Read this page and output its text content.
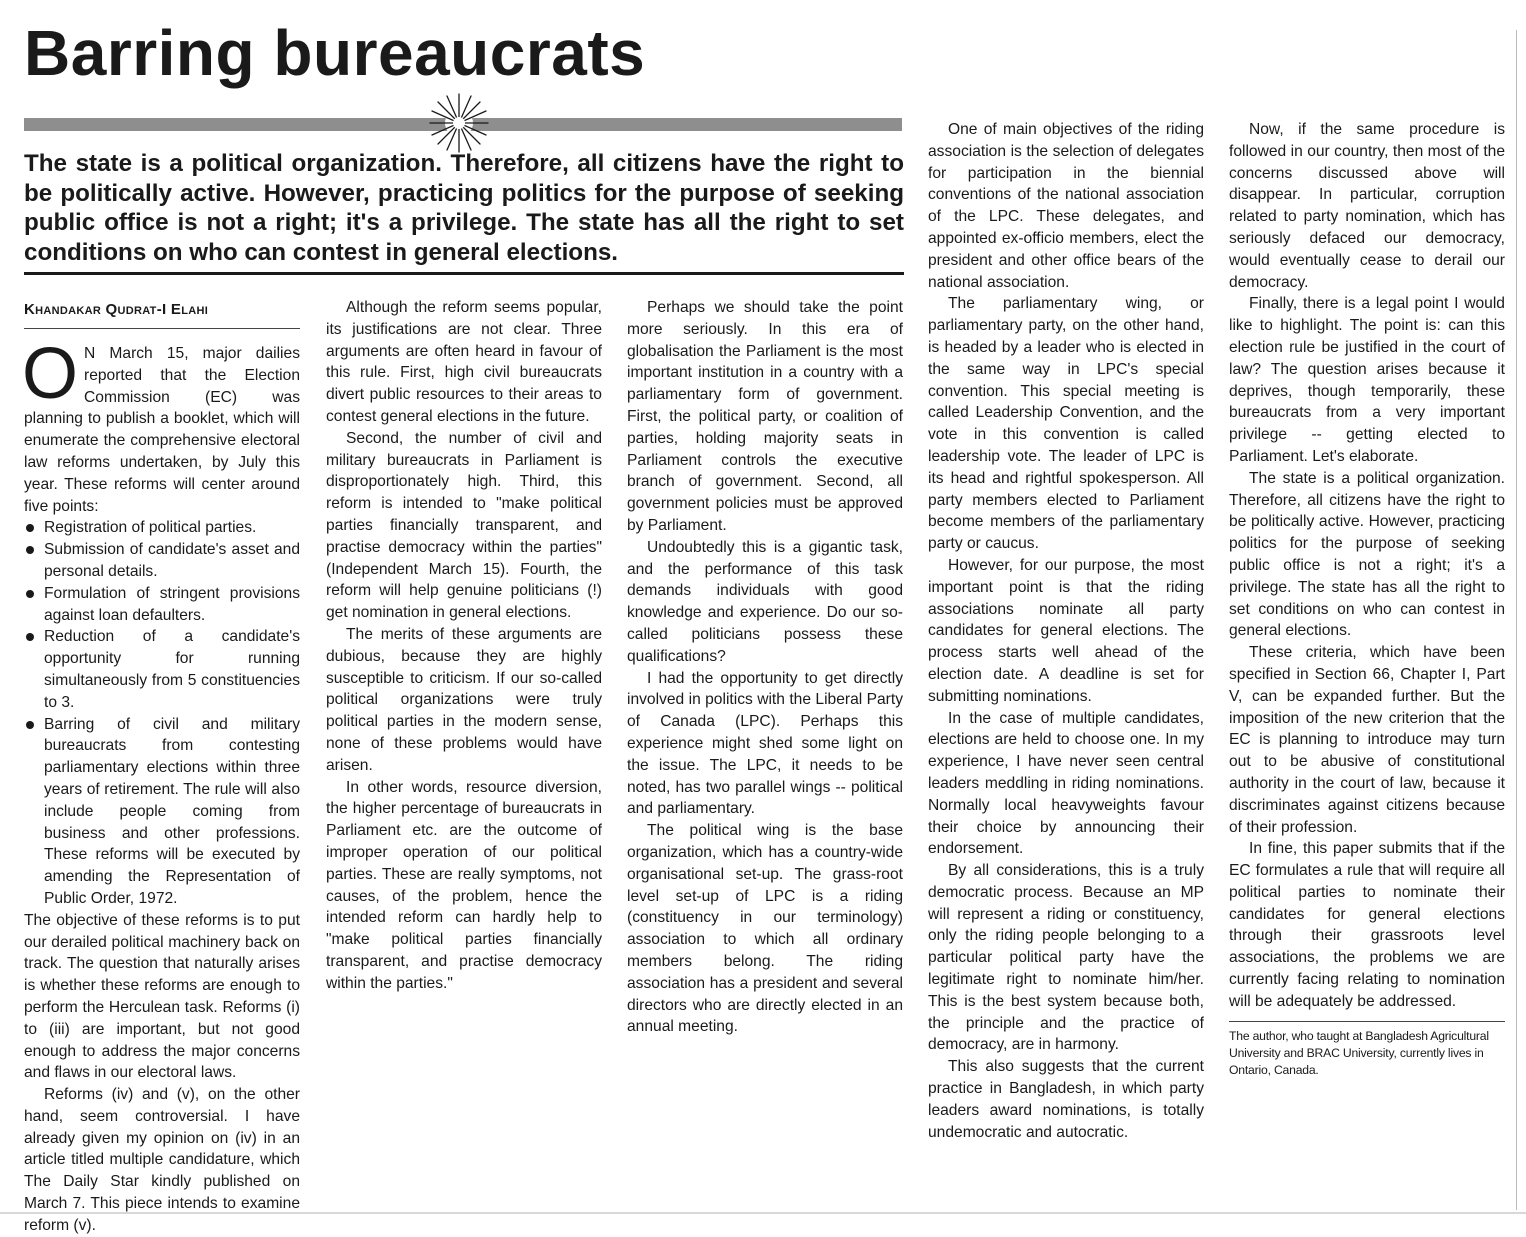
Barring bureaucrats

The state is a political organization. Therefore, all citizens have the right to be politically active. However, practicing politics for the purpose of seeking public office is not a right; it's a privilege. The state has all the right to set conditions on who can contest in general elections.

Khandakar Qudrat-I Elahi

O N March 15, major dailies reported that the Election Commission (EC) was planning to publish a booklet, which will enumerate the comprehensive electoral law reforms undertaken, by July this year. These reforms will center around five points:

Registration of political parties.
Submission of candidate's asset and personal details.
Formulation of stringent provisions against loan defaulters.
Reduction of a candidate's opportunity for running simultaneously from 5 constituencies to 3.
Barring of civil and military bureaucrats from contesting parliamentary elections within three years of retirement. The rule will also include people coming from business and other professions. These reforms will be executed by amending the Representation of Public Order, 1972.

The objective of these reforms is to put our derailed political machinery back on track. The question that naturally arises is whether these reforms are enough to perform the Herculean task. Reforms (i) to (iii) are important, but not good enough to address the major concerns and flaws in our electoral laws.

Reforms (iv) and (v), on the other hand, seem controversial. I have already given my opinion on (iv) in an article titled multiple candidature, which The Daily Star kindly published on March 7. This piece intends to examine reform (v).

Although the reform seems popular, its justifications are not clear. Three arguments are often heard in favour of this rule. First, high civil bureaucrats divert public resources to their areas to contest general elections in the future.

Second, the number of civil and military bureaucrats in Parliament is disproportionately high. Third, this reform is intended to "make political parties financially transparent, and practise democracy within the parties" (Independent March 15). Fourth, the reform will help genuine politicians (!) get nomination in general elections.

The merits of these arguments are dubious, because they are highly susceptible to criticism. If our so-called political organizations were truly political parties in the modern sense, none of these problems would have arisen.

In other words, resource diversion, the higher percentage of bureaucrats in Parliament etc. are the outcome of improper operation of our political parties. These are really symptoms, not causes, of the problem, hence the intended reform can hardly help to "make political parties financially transparent, and practise democracy within the parties."

Perhaps we should take the point more seriously. In this era of globalisation the Parliament is the most important institution in a country with a parliamentary form of government. First, the political party, or coalition of parties, holding majority seats in Parliament controls the executive branch of government. Second, all government policies must be approved by Parliament.

Undoubtedly this is a gigantic task, and the performance of this task demands individuals with good knowledge and experience. Do our so-called politicians possess these qualifications?

I had the opportunity to get directly involved in politics with the Liberal Party of Canada (LPC). Perhaps this experience might shed some light on the issue. The LPC, it needs to be noted, has two parallel wings -- political and parliamentary.

The political wing is the base organization, which has a country-wide organisational set-up. The grass-root level set-up of LPC is a riding (constituency in our terminology) association to which all ordinary members belong. The riding association has a president and several directors who are directly elected in an annual meeting.

One of main objectives of the riding association is the selection of delegates for participation in the biennial conventions of the national association of the LPC. These delegates, and appointed ex-officio members, elect the president and other office bears of the national association.

The parliamentary wing, or parliamentary party, on the other hand, is headed by a leader who is elected in the same way in LPC's special convention. This special meeting is called Leadership Convention, and the vote in this convention is called leadership vote. The leader of LPC is its head and rightful spokesperson. All party members elected to Parliament become members of the parliamentary party or caucus.

However, for our purpose, the most important point is that the riding associations nominate all party candidates for general elections. The process starts well ahead of the election date. A deadline is set for submitting nominations.

In the case of multiple candidates, elections are held to choose one. In my experience, I have never seen central leaders meddling in riding nominations. Normally local heavyweights favour their choice by announcing their endorsement.

By all considerations, this is a truly democratic process. Because an MP will represent a riding or constituency, only the riding people belonging to a particular political party have the legitimate right to nominate him/her. This is the best system because both, the principle and the practice of democracy, are in harmony.

This also suggests that the current practice in Bangladesh, in which party leaders award nominations, is totally undemocratic and autocratic.

Now, if the same procedure is followed in our country, then most of the concerns discussed above will disappear. In particular, corruption related to party nomination, which has seriously defaced our democracy, would eventually cease to derail our democracy.

Finally, there is a legal point I would like to highlight. The point is: can this election rule be justified in the court of law? The question arises because it deprives, though temporarily, these bureaucrats from a very important privilege -- getting elected to Parliament. Let's elaborate.

The state is a political organization. Therefore, all citizens have the right to be politically active. However, practicing politics for the purpose of seeking public office is not a right; it's a privilege. The state has all the right to set conditions on who can contest in general elections.

These criteria, which have been specified in Section 66, Chapter I, Part V, can be expanded further. But the imposition of the new criterion that the EC is planning to introduce may turn out to be abusive of constitutional authority in the court of law, because it discriminates against citizens because of their profession.

In fine, this paper submits that if the EC formulates a rule that will require all political parties to nominate their candidates for general elections through their grassroots level associations, the problems we are currently facing relating to nomination will be adequately be addressed.

The author, who taught at Bangladesh Agricultural University and BRAC University, currently lives in Ontario, Canada.
